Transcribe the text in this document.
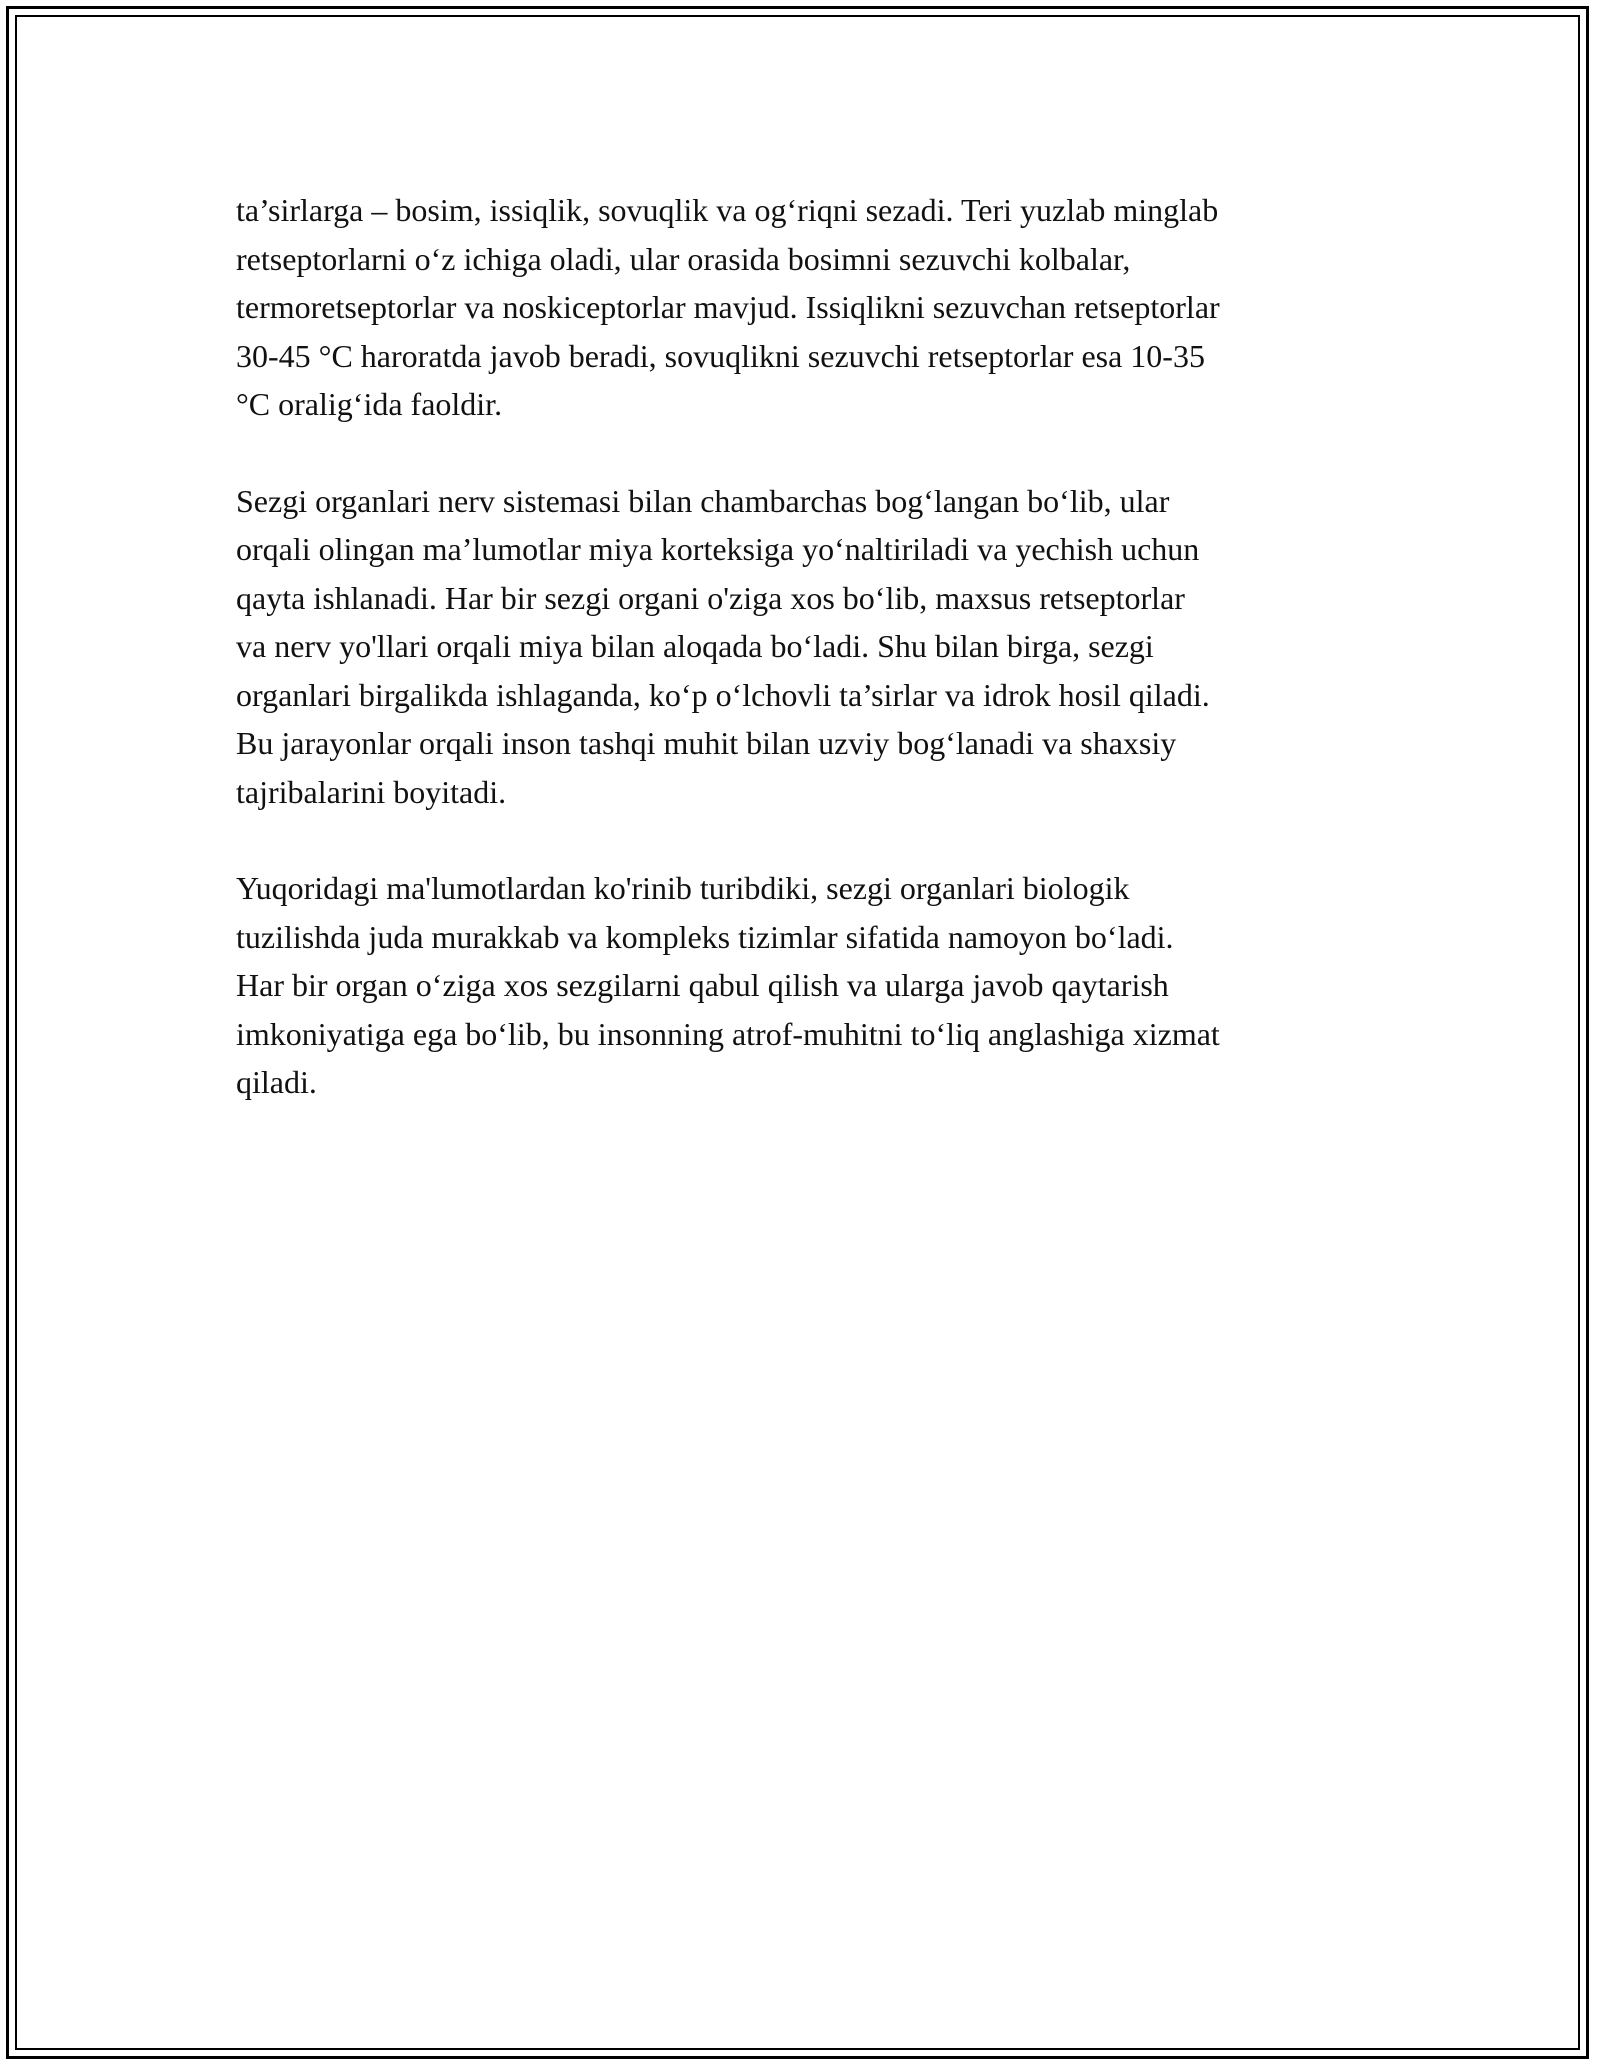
ta’sirlarga – bosim, issiqlik, sovuqlik va og‘riqni sezadi. Teri yuzlab minglab
retseptorlarni o‘z ichiga oladi, ular orasida bosimni sezuvchi kolbalar,
termoretseptorlar va noskiceptorlar mavjud. Issiqlikni sezuvchan retseptorlar
30-45 °C haroratda javob beradi, sovuqlikni sezuvchi retseptorlar esa 10-35
°C oralig‘ida faoldir.

Sezgi organlari nerv sistemasi bilan chambarchas bog‘langan bo‘lib, ular
orqali olingan ma’lumotlar miya korteksiga yo‘naltiriladi va yechish uchun
qayta ishlanadi. Har bir sezgi organi o'ziga xos bo‘lib, maxsus retseptorlar
va nerv yo'llari orqali miya bilan aloqada bo‘ladi. Shu bilan birga, sezgi
organlari birgalikda ishlaganda, ko‘p o‘lchovli ta’sirlar va idrok hosil qiladi.
Bu jarayonlar orqali inson tashqi muhit bilan uzviy bog‘lanadi va shaxsiy
tajribalarini boyitadi.

Yuqoridagi ma'lumotlardan ko'rinib turibdiki, sezgi organlari biologik
tuzilishda juda murakkab va kompleks tizimlar sifatida namoyon bo‘ladi.
Har bir organ o‘ziga xos sezgilarni qabul qilish va ularga javob qaytarish
imkoniyatiga ega bo‘lib, bu insonning atrof-muhitni to‘liq anglashiga xizmat
qiladi.
